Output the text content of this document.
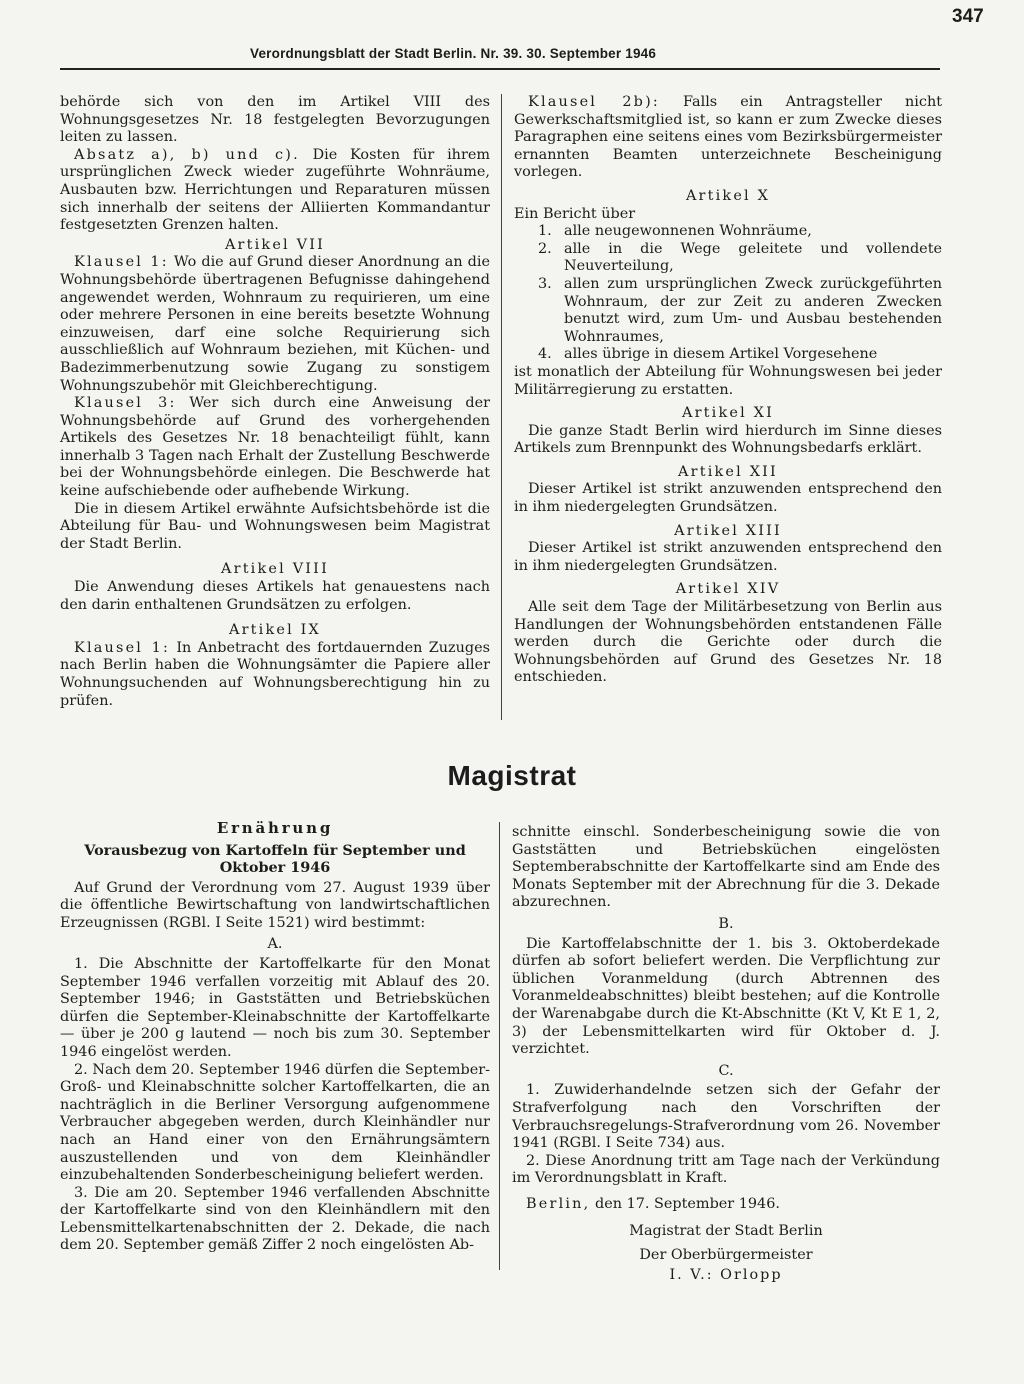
347
Verordnungsblatt der Stadt Berlin. Nr. 39. 30. September 1946

behörde sich von den im Artikel VIII des Wohnungsgesetzes Nr. 18 festgelegten Bevorzugungen leiten zu lassen.

Absatz a), b) und c). Die Kosten für ihrem ursprünglichen Zweck wieder zugeführte Wohnräume, Ausbauten bzw. Herrichtungen und Reparaturen müssen sich innerhalb der seitens der Alliierten Kommandantur festgesetzten Grenzen halten.

Artikel VII

Klausel 1: Wo die auf Grund dieser Anordnung an die Wohnungsbehörde übertragenen Befugnisse dahingehend angewendet werden, Wohnraum zu requirieren, um eine oder mehrere Personen in eine bereits besetzte Wohnung einzuweisen, darf eine solche Requirierung sich ausschließlich auf Wohnraum beziehen, mit Küchen- und Badezimmerbenutzung sowie Zugang zu sonstigem Wohnungszubehör mit Gleichberechtigung.

Klausel 3: Wer sich durch eine Anweisung der Wohnungsbehörde auf Grund des vorhergehenden Artikels des Gesetzes Nr. 18 benachteiligt fühlt, kann innerhalb 3 Tagen nach Erhalt der Zustellung Beschwerde bei der Wohnungsbehörde einlegen. Die Beschwerde hat keine aufschiebende oder aufhebende Wirkung.

Die in diesem Artikel erwähnte Aufsichtsbehörde ist die Abteilung für Bau- und Wohnungswesen beim Magistrat der Stadt Berlin.

Artikel VIII

Die Anwendung dieses Artikels hat genauestens nach den darin enthaltenen Grundsätzen zu erfolgen.

Artikel IX

Klausel 1: In Anbetracht des fortdauernden Zuzuges nach Berlin haben die Wohnungsämter die Papiere aller Wohnungsuchenden auf Wohnungsberechtigung hin zu prüfen.

Klausel 2b): Falls ein Antragsteller nicht Gewerkschaftsmitglied ist, so kann er zum Zwecke dieses Paragraphen eine seitens eines vom Bezirksbürgermeister ernannten Beamten unterzeichnete Bescheinigung vorlegen.

Artikel X

Ein Bericht über

1. alle neugewonnenen Wohnräume,

2. alle in die Wege geleitete und vollendete Neuverteilung,

3. allen zum ursprünglichen Zweck zurückgeführten Wohnraum, der zur Zeit zu anderen Zwecken benutzt wird, zum Um- und Ausbau bestehenden Wohnraumes,

4. alles übrige in diesem Artikel Vorgesehene

ist monatlich der Abteilung für Wohnungswesen bei jeder Militärregierung zu erstatten.

Artikel XI

Die ganze Stadt Berlin wird hierdurch im Sinne dieses Artikels zum Brennpunkt des Wohnungsbedarfs erklärt.

Artikel XII

Dieser Artikel ist strikt anzuwenden entsprechend den in ihm niedergelegten Grundsätzen.

Artikel XIII

Dieser Artikel ist strikt anzuwenden entsprechend den in ihm niedergelegten Grundsätzen.

Artikel XIV

Alle seit dem Tage der Militärbesetzung von Berlin aus Handlungen der Wohnungsbehörden entstandenen Fälle werden durch die Gerichte oder durch die Wohnungsbehörden auf Grund des Gesetzes Nr. 18 entschieden.

Magistrat
Ernährung
Vorausbezug von Kartoffeln für September und Oktober 1946

Auf Grund der Verordnung vom 27. August 1939 über die öffentliche Bewirtschaftung von landwirtschaftlichen Erzeugnissen (RGBl. I Seite 1521) wird bestimmt:

A.

1. Die Abschnitte der Kartoffelkarte für den Monat September 1946 verfallen vorzeitig mit Ablauf des 20. September 1946; in Gaststätten und Betriebsküchen dürfen die September-Kleinabschnitte der Kartoffelkarte — über je 200 g lautend — noch bis zum 30. September 1946 eingelöst werden.

2. Nach dem 20. September 1946 dürfen die September-Groß- und Kleinabschnitte solcher Kartoffelkarten, die an nachträglich in die Berliner Versorgung aufgenommene Verbraucher abgegeben werden, durch Kleinhändler nur nach an Hand einer von den Ernährungsämtern auszustellenden und von dem Kleinhändler einzubehaltenden Sonderbescheinigung beliefert werden.

3. Die am 20. September 1946 verfallenden Abschnitte der Kartoffelkarte sind von den Kleinhändlern mit den Lebensmittelkartenabschnitten der 2. Dekade, die nach dem 20. September gemäß Ziffer 2 noch eingelösten Ab-

schnitte einschl. Sonderbescheinigung sowie die von Gaststätten und Betriebsküchen eingelösten Septemberabschnitte der Kartoffelkarte sind am Ende des Monats September mit der Abrechnung für die 3. Dekade abzurechnen.

B.

Die Kartoffelabschnitte der 1. bis 3. Oktoberdekade dürfen ab sofort beliefert werden. Die Verpflichtung zur üblichen Voranmeldung (durch Abtrennen des Voranmeldeabschnittes) bleibt bestehen; auf die Kontrolle der Warenabgabe durch die Kt-Abschnitte (Kt V, Kt E 1, 2, 3) der Lebensmittelkarten wird für Oktober d. J. verzichtet.

C.

1. Zuwiderhandelnde setzen sich der Gefahr der Strafverfolgung nach den Vorschriften der Verbrauchsregelungs-Strafverordnung vom 26. November 1941 (RGBl. I Seite 734) aus.

2. Diese Anordnung tritt am Tage nach der Verkündung im Verordnungsblatt in Kraft.

Berlin, den 17. September 1946.

Magistrat der Stadt Berlin
Der Oberbürgermeister
I. V.: Orlopp
